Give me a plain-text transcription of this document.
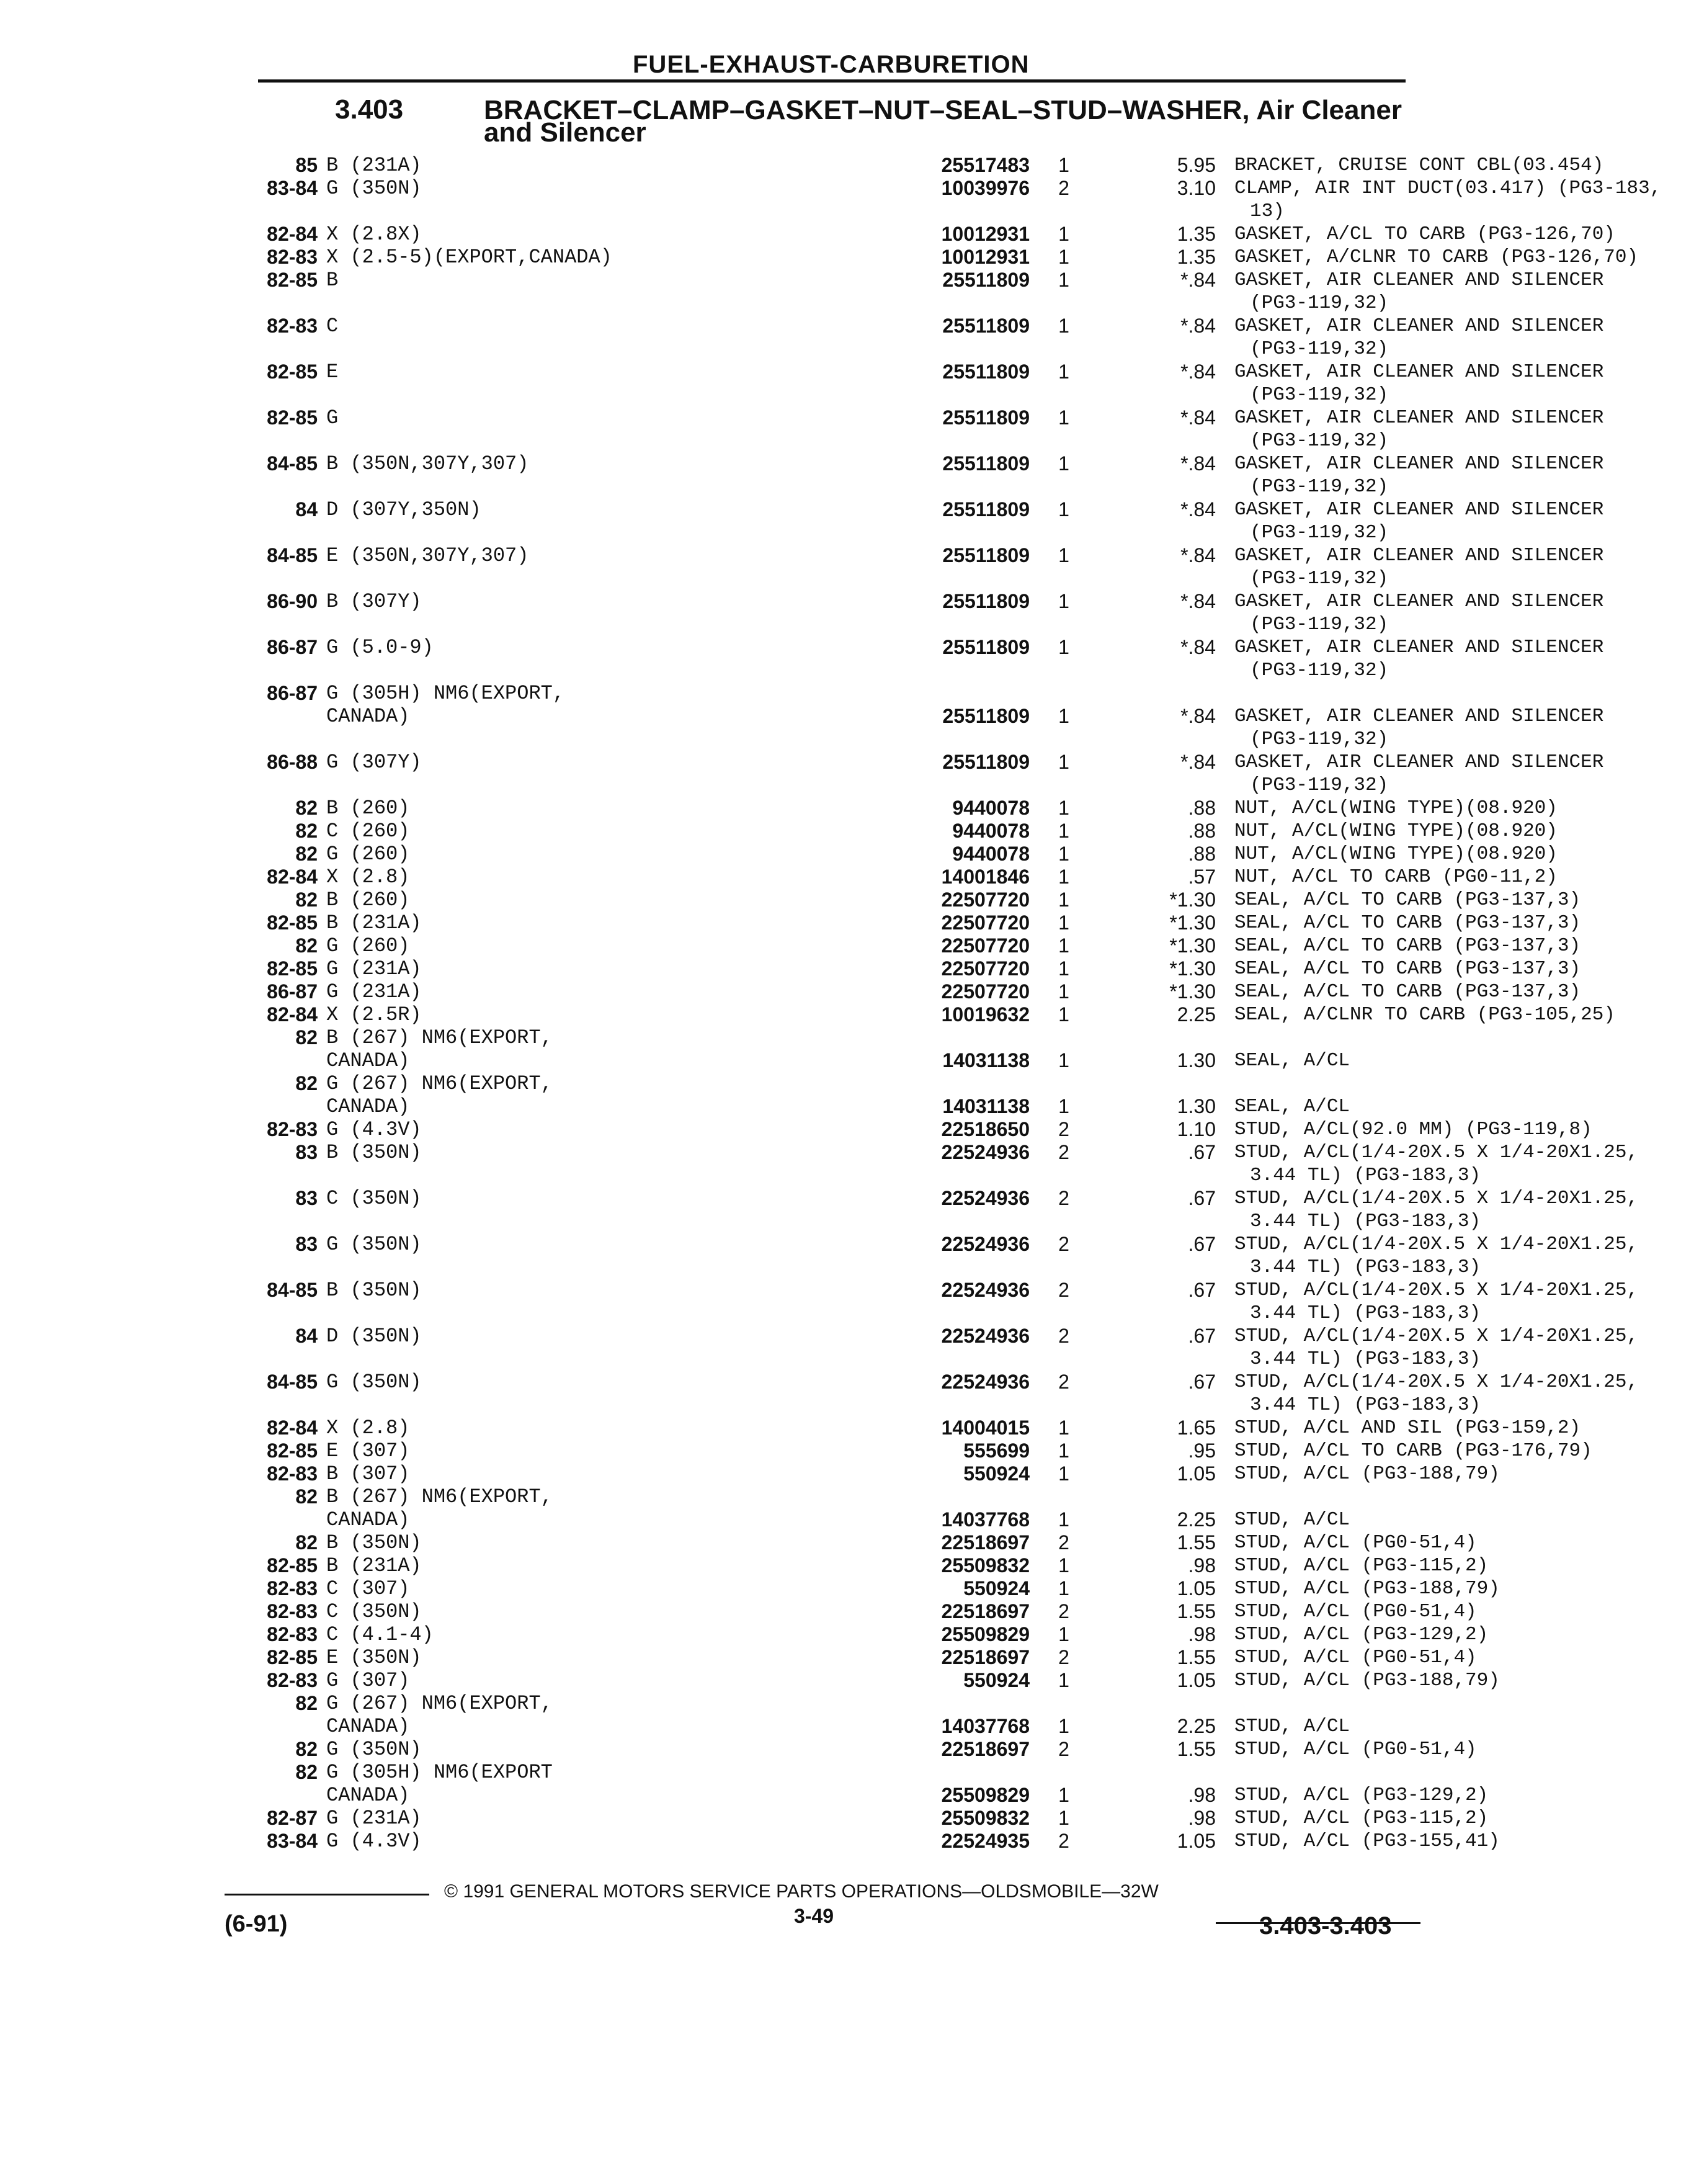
FUEL-EXHAUST-CARBURETION
3.403	BRACKET–CLAMP–GASKET–NUT–SEAL–STUD–WASHER, Air Cleaner and Silencer
85 B (231A)	25517483 1	5.95 BRACKET, CRUISE CONT CBL(03.454)
83-84 G (350N)	10039976 2	3.10 CLAMP, AIR INT DUCT(03.417) (PG3-183,
13)
82-84 X (2.8X)	10012931 1	1.35 GASKET, A/CL TO CARB (PG3-126,70)
82-83 X (2.5-5)(EXPORT,CANADA)	10012931 1	1.35 GASKET, A/CLNR TO CARB (PG3-126,70)
82-85 B	25511809 1	*.84 GASKET, AIR CLEANER AND SILENCER
(PG3-119,32)
82-83 C	25511809 1	*.84 GASKET, AIR CLEANER AND SILENCER
(PG3-119,32)
82-85 E	25511809 1	*.84 GASKET, AIR CLEANER AND SILENCER
(PG3-119,32)
82-85 G	25511809 1	*.84 GASKET, AIR CLEANER AND SILENCER
(PG3-119,32)
84-85 B (350N,307Y,307)	25511809 1	*.84 GASKET, AIR CLEANER AND SILENCER
(PG3-119,32)
84 D (307Y,350N)	25511809 1	*.84 GASKET, AIR CLEANER AND SILENCER
(PG3-119,32)
84-85 E (350N,307Y,307)	25511809 1	*.84 GASKET, AIR CLEANER AND SILENCER
(PG3-119,32)
86-90 B (307Y)	25511809 1	*.84 GASKET, AIR CLEANER AND SILENCER
(PG3-119,32)
86-87 G (5.0-9)	25511809 1	*.84 GASKET, AIR CLEANER AND SILENCER
(PG3-119,32)
86-87 G (305H) NM6(EXPORT,
CANADA)	25511809 1	*.84 GASKET, AIR CLEANER AND SILENCER
(PG3-119,32)
86-88 G (307Y)	25511809 1	*.84 GASKET, AIR CLEANER AND SILENCER
(PG3-119,32)
82 B (260)	9440078 1	.88 NUT, A/CL(WING TYPE)(08.920)
82 C (260)	9440078 1	.88 NUT, A/CL(WING TYPE)(08.920)
82 G (260)	9440078 1	.88 NUT, A/CL(WING TYPE)(08.920)
82-84 X (2.8)	14001846 1	.57 NUT, A/CL TO CARB (PG0-11,2)
82 B (260)	22507720 1	*1.30 SEAL, A/CL TO CARB (PG3-137,3)
82-85 B (231A)	22507720 1	*1.30 SEAL, A/CL TO CARB (PG3-137,3)
82 G (260)	22507720 1	*1.30 SEAL, A/CL TO CARB (PG3-137,3)
82-85 G (231A)	22507720 1	*1.30 SEAL, A/CL TO CARB (PG3-137,3)
86-87 G (231A)	22507720 1	*1.30 SEAL, A/CL TO CARB (PG3-137,3)
82-84 X (2.5R)	10019632 1	2.25 SEAL, A/CLNR TO CARB (PG3-105,25)
82 B (267) NM6(EXPORT,
CANADA)	14031138 1	1.30 SEAL, A/CL
82 G (267) NM6(EXPORT,
CANADA)	14031138 1	1.30 SEAL, A/CL
82-83 G (4.3V)	22518650 2	1.10 STUD, A/CL(92.0 MM) (PG3-119,8)
83 B (350N)	22524936 2	.67 STUD, A/CL(1/4-20X.5 X 1/4-20X1.25,
3.44 TL) (PG3-183,3)
83 C (350N)	22524936 2	.67 STUD, A/CL(1/4-20X.5 X 1/4-20X1.25,
3.44 TL) (PG3-183,3)
83 G (350N)	22524936 2	.67 STUD, A/CL(1/4-20X.5 X 1/4-20X1.25,
3.44 TL) (PG3-183,3)
84-85 B (350N)	22524936 2	.67 STUD, A/CL(1/4-20X.5 X 1/4-20X1.25,
3.44 TL) (PG3-183,3)
84 D (350N)	22524936 2	.67 STUD, A/CL(1/4-20X.5 X 1/4-20X1.25,
3.44 TL) (PG3-183,3)
84-85 G (350N)	22524936 2	.67 STUD, A/CL(1/4-20X.5 X 1/4-20X1.25,
3.44 TL) (PG3-183,3)
82-84 X (2.8)	14004015 1	1.65 STUD, A/CL AND SIL (PG3-159,2)
82-85 E (307)	555699 1	.95 STUD, A/CL TO CARB (PG3-176,79)
82-83 B (307)	550924 1	1.05 STUD, A/CL (PG3-188,79)
82 B (267) NM6(EXPORT,
CANADA)	14037768 1	2.25 STUD, A/CL
82 B (350N)	22518697 2	1.55 STUD, A/CL (PG0-51,4)
82-85 B (231A)	25509832 1	.98 STUD, A/CL (PG3-115,2)
82-83 C (307)	550924 1	1.05 STUD, A/CL (PG3-188,79)
82-83 C (350N)	22518697 2	1.55 STUD, A/CL (PG0-51,4)
82-83 C (4.1-4)	25509829 1	.98 STUD, A/CL (PG3-129,2)
82-85 E (350N)	22518697 2	1.55 STUD, A/CL (PG0-51,4)
82-83 G (307)	550924 1	1.05 STUD, A/CL (PG3-188,79)
82 G (267) NM6(EXPORT,
CANADA)	14037768 1	2.25 STUD, A/CL
82 G (350N)	22518697 2	1.55 STUD, A/CL (PG0-51,4)
82 G (305H) NM6(EXPORT
CANADA)	25509829 1	.98 STUD, A/CL (PG3-129,2)
82-87 G (231A)	25509832 1	.98 STUD, A/CL (PG3-115,2)
83-84 G (4.3V)	22524935 2	1.05 STUD, A/CL (PG3-155,41)
© 1991 GENERAL MOTORS SERVICE PARTS OPERATIONS—OLDSMOBILE—32W
(6-91)	3-49	3.403-3.403
